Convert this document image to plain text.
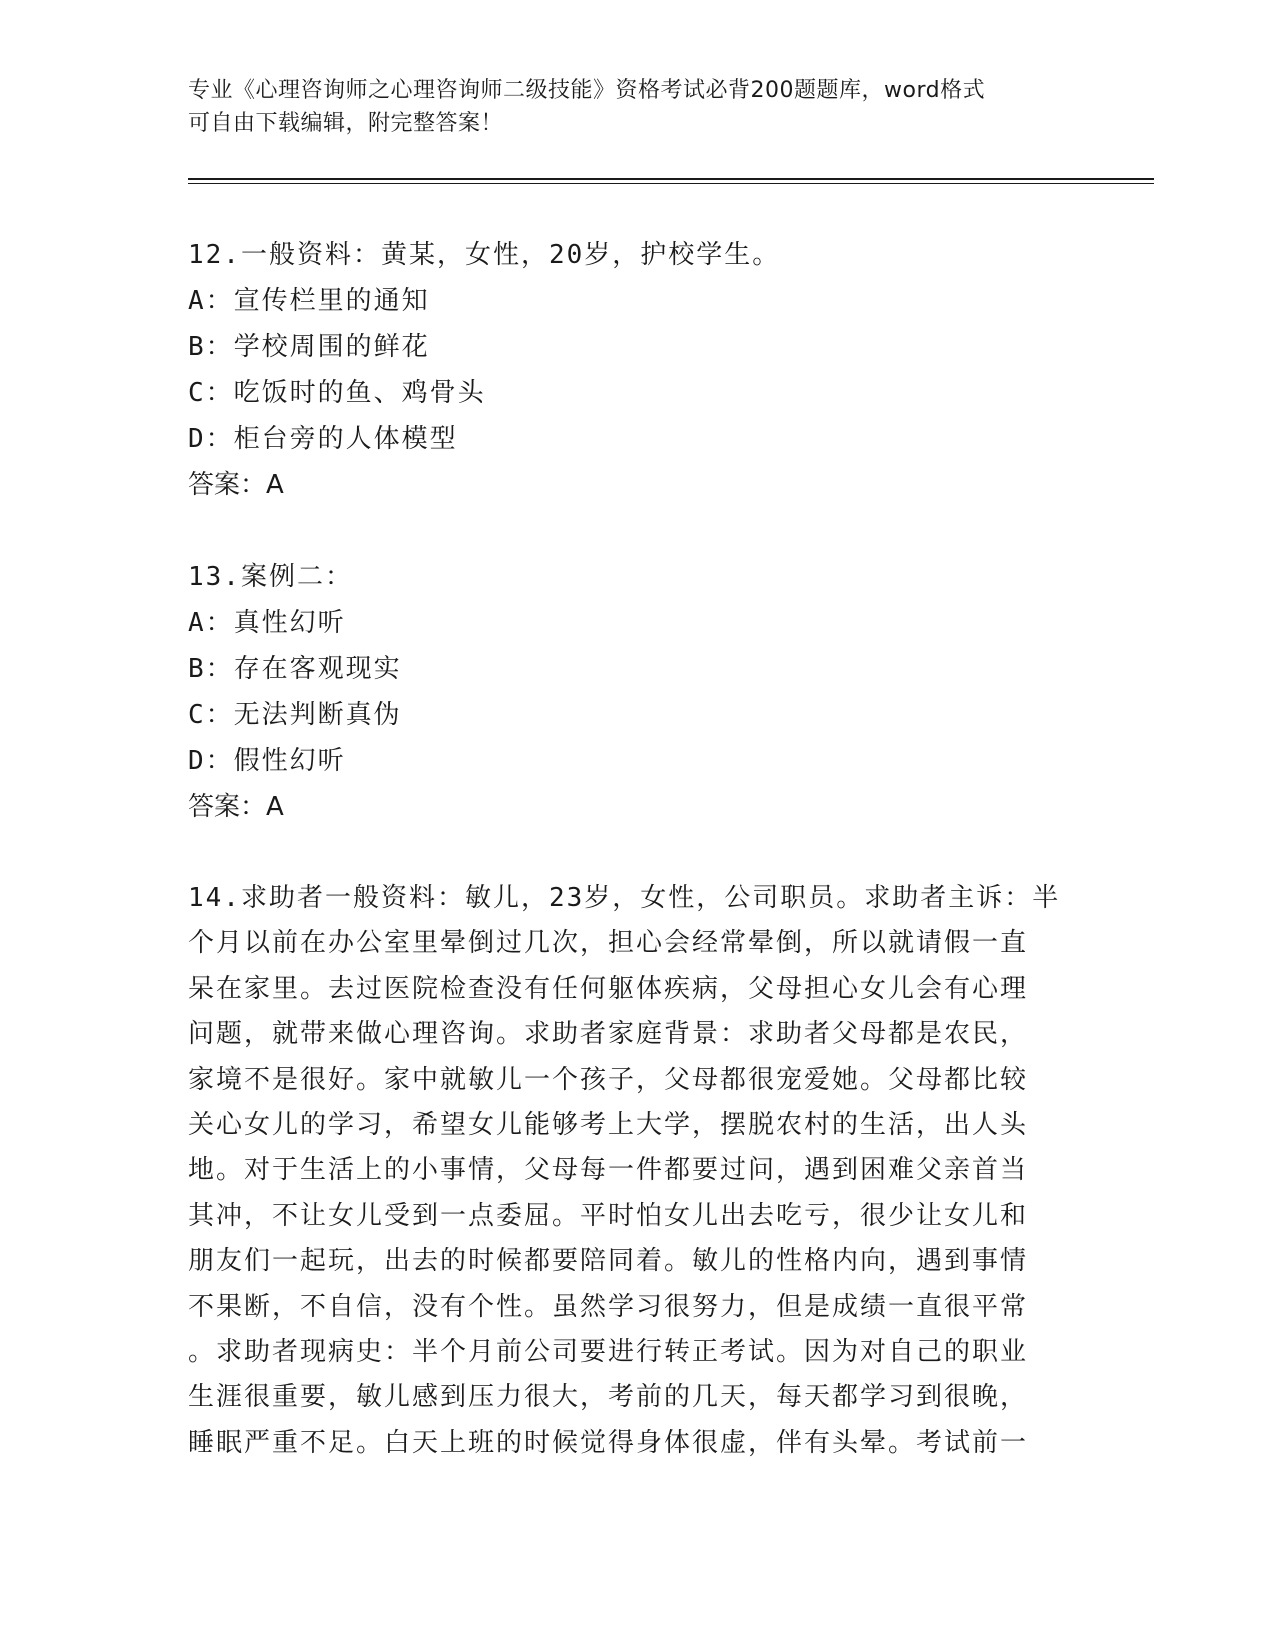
专业《心理咨询师之心理咨询师二级技能》资格考试必背200题题库，word格式
可自由下载编辑，附完整答案！
12.一般资料：黄某，女性，20岁，护校学生。
A：宣传栏里的通知
B：学校周围的鲜花
C：吃饭时的鱼、鸡骨头
D：柜台旁的人体模型
答案：A
13.案例二：
A：真性幻听
B：存在客观现实
C：无法判断真伪
D：假性幻听
答案：A
14.求助者一般资料：敏儿，23岁，女性，公司职员。求助者主诉：半
个月以前在办公室里晕倒过几次，担心会经常晕倒，所以就请假一直
呆在家里。去过医院检查没有任何躯体疾病，父母担心女儿会有心理
问题，就带来做心理咨询。求助者家庭背景：求助者父母都是农民，
家境不是很好。家中就敏儿一个孩子，父母都很宠爱她。父母都比较
关心女儿的学习，希望女儿能够考上大学，摆脱农村的生活，出人头
地。对于生活上的小事情，父母每一件都要过问，遇到困难父亲首当
其冲，不让女儿受到一点委屈。平时怕女儿出去吃亏，很少让女儿和
朋友们一起玩，出去的时候都要陪同着。敏儿的性格内向，遇到事情
不果断，不自信，没有个性。虽然学习很努力，但是成绩一直很平常
。求助者现病史：半个月前公司要进行转正考试。因为对自己的职业
生涯很重要，敏儿感到压力很大，考前的几天，每天都学习到很晚，
睡眠严重不足。白天上班的时候觉得身体很虚，伴有头晕。考试前一
